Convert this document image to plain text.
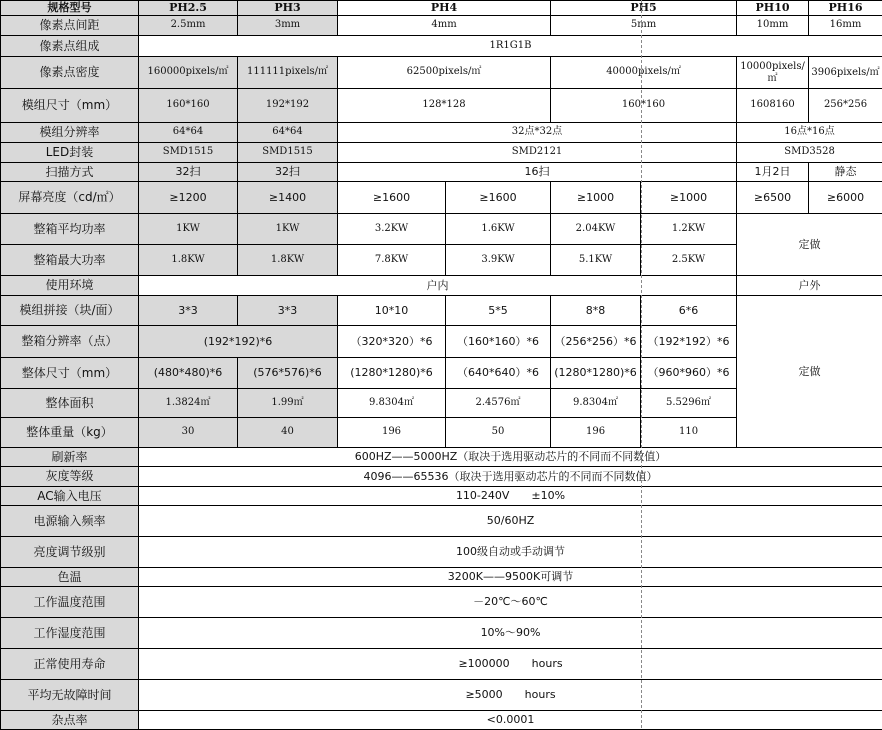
规格型号	PH2.5	PH3	PH4		PH5		PH10	PH16
像素点间距	2.5mm	3mm	4mm		5mm		10mm	16mm
像素点组成	1R1G1B							
像素点密度	160000pixels/㎡	111111pixels/㎡	62500pixels/㎡		40000pixels/㎡		10000pixels/㎡	3906pixels/㎡
模组尺寸（mm）	160*160	192*192	128*128		160*160		1608160	256*256
模组分辨率	64*64	64*64	32点*32点				16点*16点	
LED封装	SMD1515	SMD1515	SMD2121				SMD3528	
扫描方式	32扫	32扫	16扫				1月2日	静态
屏幕亮度（cd/㎡）	≥1200	≥1400	≥1600	≥1600	≥1000	≥1000	≥6500	≥6000
整箱平均功率	1KW	1KW	3.2KW	1.6KW	2.04KW	1.2KW	定做	
整箱最大功率	1.8KW	1.8KW	7.8KW	3.9KW	5.1KW	2.5KW		
使用环境	户内						户外	
模组拼接（块/面）	3*3	3*3	10*10	5*5	8*8	6*6	定做	
整箱分辨率（点）	(192*192)*6		（320*320）*6	（160*160）*6	（256*256）*6	（192*192）*6		
整体尺寸（mm）	(480*480)*6	(576*576)*6	(1280*1280)*6	（640*640）*6	(1280*1280)*6	（960*960）*6		
整体面积	1.3824㎡	1.99㎡	9.8304㎡	2.4576㎡	9.8304㎡	5.5296㎡		
整体重量（kg）	30	40	196	50	196	110		
刷新率	600HZ——5000HZ（取决于选用驱动芯片的不同而不同数值）							
灰度等级	4096——65536（取决于选用驱动芯片的不同而不同数值）							
AC输入电压	110-240V　　±10%							
电源输入频率	50/60HZ							
亮度调节级别	100级自动或手动调节							
色温	3200K——9500K可调节							
工作温度范围	－20℃～60℃							
工作湿度范围	10%～90%							
正常使用寿命	≥100000　　hours							
平均无故障时间	≥5000　　hours							
杂点率	<0.0001							
